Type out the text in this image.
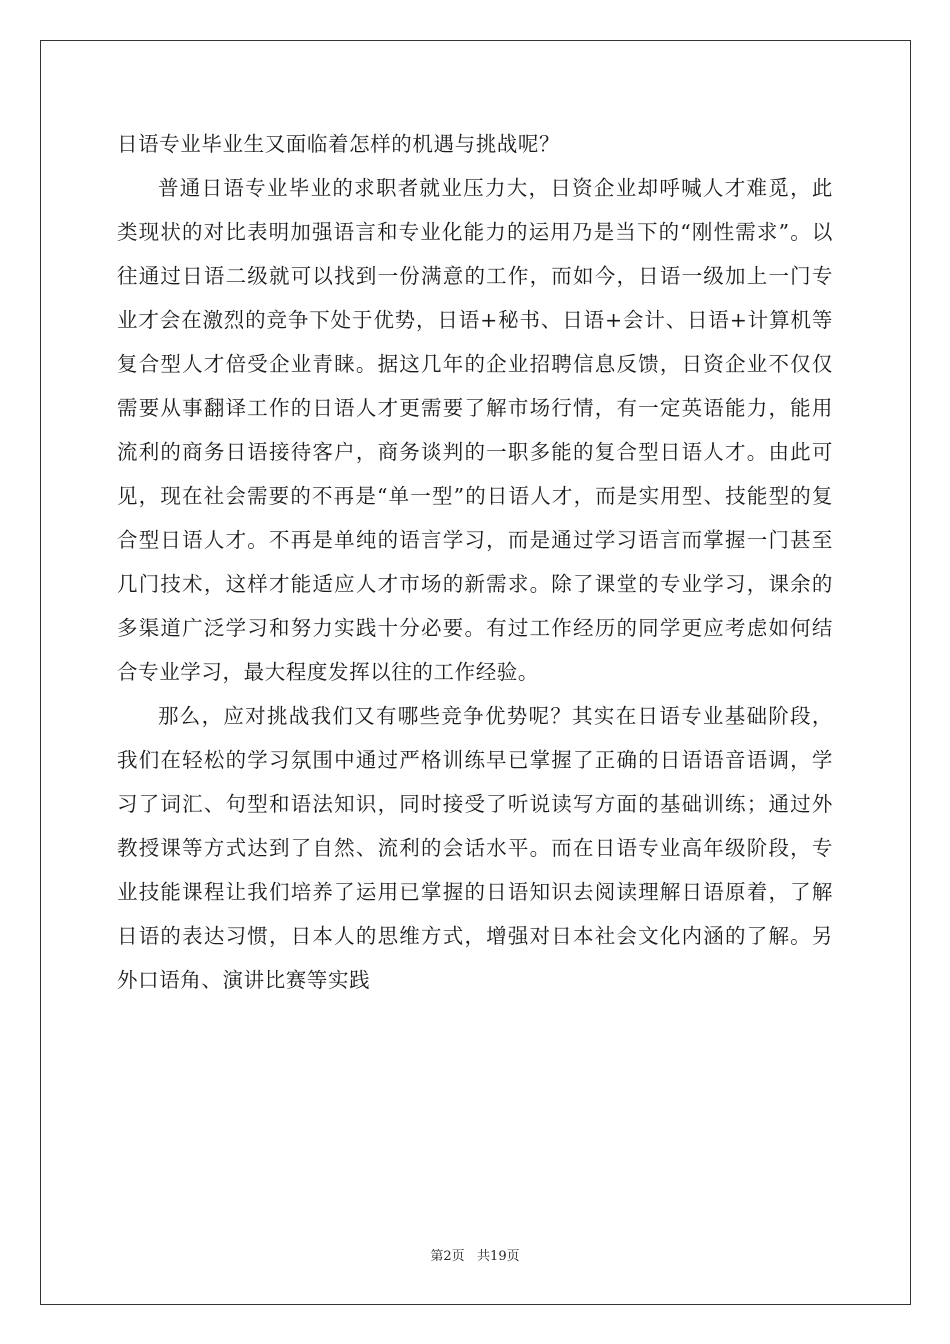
日语专业毕业生又面临着怎样的机遇与挑战呢？

普通日语专业毕业的求职者就业压力大，日资企业却呼喊人才难觅，此类现状的对比表明加强语言和专业化能力的运用乃是当下的“刚性需求”。以往通过日语二级就可以找到一份满意的工作，而如今，日语一级加上一门专业才会在激烈的竞争下处于优势，日语+秘书、日语+会计、日语+计算机等复合型人才倍受企业青睐。据这几年的企业招聘信息反馈，日资企业不仅仅需要从事翻译工作的日语人才更需要了解市场行情，有一定英语能力，能用流利的商务日语接待客户，商务谈判的一职多能的复合型日语人才。由此可见，现在社会需要的不再是“单一型”的日语人才，而是实用型、技能型的复合型日语人才。不再是单纯的语言学习，而是通过学习语言而掌握一门甚至几门技术，这样才能适应人才市场的新需求。除了课堂的专业学习，课余的多渠道广泛学习和努力实践十分必要。有过工作经历的同学更应考虑如何结合专业学习，最大程度发挥以往的工作经验。

那么，应对挑战我们又有哪些竞争优势呢？其实在日语专业基础阶段，我们在轻松的学习氛围中通过严格训练早已掌握了正确的日语语音语调，学习了词汇、句型和语法知识，同时接受了听说读写方面的基础训练；通过外教授课等方式达到了自然、流利的会话水平。而在日语专业高年级阶段，专业技能课程让我们培养了运用已掌握的日语知识去阅读理解日语原着，了解日语的表达习惯，日本人的思维方式，增强对日本社会文化内涵的了解。另外口语角、演讲比赛等实践

第2页   共19页
